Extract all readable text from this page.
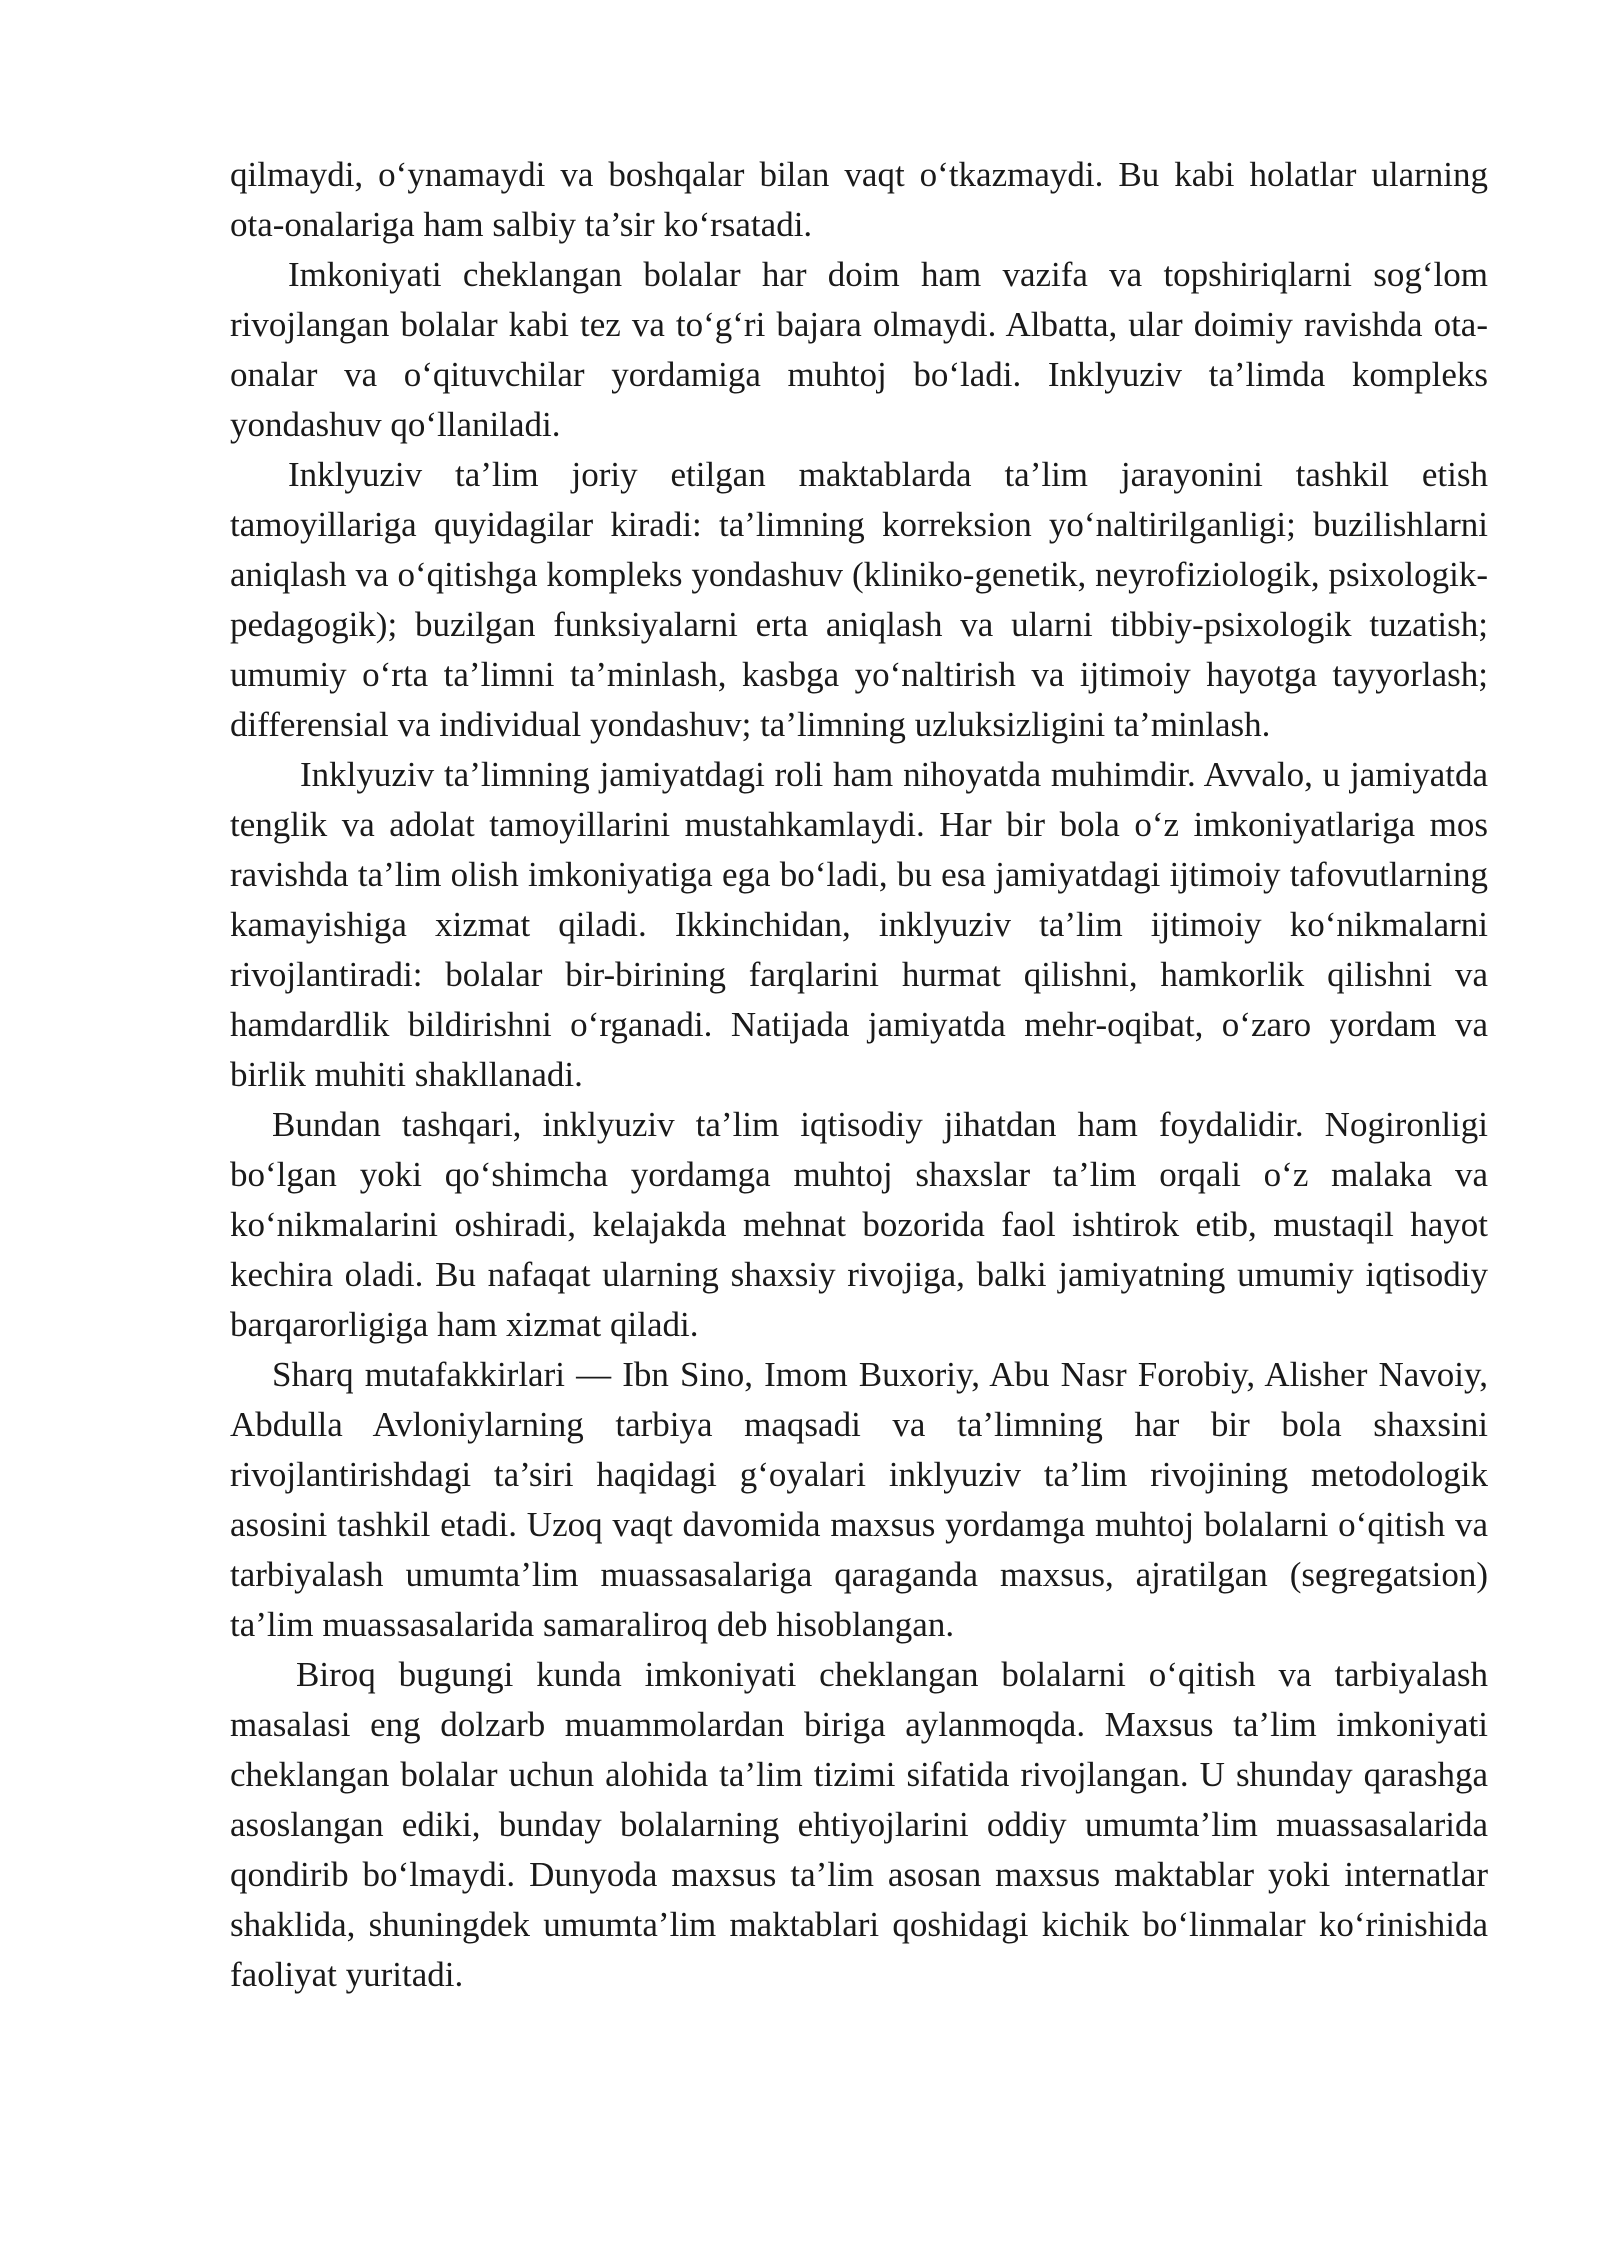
qilmaydi, o‘ynamaydi va boshqalar bilan vaqt o‘tkazmaydi. Bu kabi holatlar ularning ota-onalariga ham salbiy ta’sir ko‘rsatadi.

Imkoniyati cheklangan bolalar har doim ham vazifa va topshiriqlarni sog‘lom rivojlangan bolalar kabi tez va to‘g‘ri bajara olmaydi. Albatta, ular doimiy ravishda ota-onalar va o‘qituvchilar yordamiga muhtoj bo‘ladi. Inklyuziv ta’limda kompleks yondashuv qo‘llaniladi.

Inklyuziv ta’lim joriy etilgan maktablarda ta’lim jarayonini tashkil etish tamoyillariga quyidagilar kiradi: ta’limning korreksion yo‘naltirilganligi; buzilishlarni aniqlash va o‘qitishga kompleks yondashuv (kliniko-genetik, neyrofiziologik, psixologik-pedagogik); buzilgan funksiyalarni erta aniqlash va ularni tibbiy-psixologik tuzatish; umumiy o‘rta ta’limni ta’minlash, kasbga yo‘naltirish va ijtimoiy hayotga tayyorlash; differensial va individual yondashuv; ta’limning uzluksizligini ta’minlash.

Inklyuziv ta’limning jamiyatdagi roli ham nihoyatda muhimdir. Avvalo, u jamiyatda tenglik va adolat tamoyillarini mustahkamlaydi. Har bir bola o‘z imkoniyatlariga mos ravishda ta’lim olish imkoniyatiga ega bo‘ladi, bu esa jamiyatdagi ijtimoiy tafovutlarning kamayishiga xizmat qiladi. Ikkinchidan, inklyuziv ta’lim ijtimoiy ko‘nikmalarni rivojlantiradi: bolalar bir-birining farqlarini hurmat qilishni, hamkorlik qilishni va hamdardlik bildirishni o‘rganadi. Natijada jamiyatda mehr-oqibat, o‘zaro yordam va birlik muhiti shakllanadi.

Bundan tashqari, inklyuziv ta’lim iqtisodiy jihatdan ham foydalidir. Nogironligi bo‘lgan yoki qo‘shimcha yordamga muhtoj shaxslar ta’lim orqali o‘z malaka va ko‘nikmalarini oshiradi, kelajakda mehnat bozorida faol ishtirok etib, mustaqil hayot kechira oladi. Bu nafaqat ularning shaxsiy rivojiga, balki jamiyatning umumiy iqtisodiy barqarorligiga ham xizmat qiladi.

Sharq mutafakkirlari — Ibn Sino, Imom Buxoriy, Abu Nasr Forobiy, Alisher Navoiy, Abdulla Avloniylarning tarbiya maqsadi va ta’limning har bir bola shaxsini rivojlantirishdagi ta’siri haqidagi g‘oyalari inklyuziv ta’lim rivojining metodologik asosini tashkil etadi. Uzoq vaqt davomida maxsus yordamga muhtoj bolalarni o‘qitish va tarbiyalash umumta’lim muassasalariga qaraganda maxsus, ajratilgan (segregatsion) ta’lim muassasalarida samaraliroq deb hisoblangan.

Biroq bugungi kunda imkoniyati cheklangan bolalarni o‘qitish va tarbiyalash masalasi eng dolzarb muammolardan biriga aylanmoqda. Maxsus ta’lim imkoniyati cheklangan bolalar uchun alohida ta’lim tizimi sifatida rivojlangan. U shunday qarashga asoslangan ediki, bunday bolalarning ehtiyojlarini oddiy umumta’lim muassasalarida qondirib bo‘lmaydi. Dunyoda maxsus ta’lim asosan maxsus maktablar yoki internatlar shaklida, shuningdek umumta’lim maktablari qoshidagi kichik bo‘linmalar ko‘rinishida faoliyat yuritadi.
